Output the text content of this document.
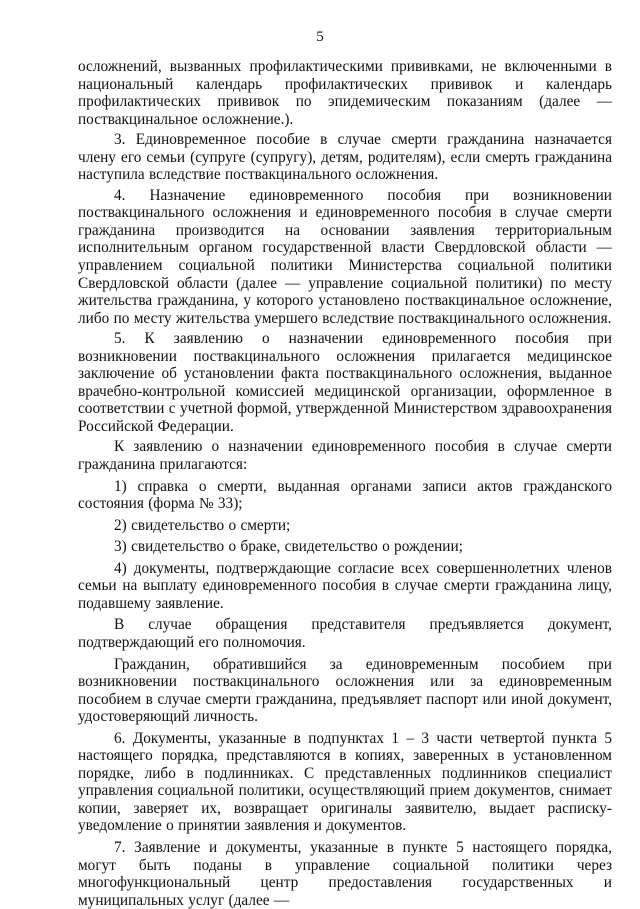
5

осложнений, вызванных профилактическими прививками, не включенными в национальный календарь профилактических прививок и календарь профилактических прививок по эпидемическим показаниям (далее — поствакцинальное осложнение.).

3. Единовременное пособие в случае смерти гражданина назначается члену его семьи (супруге (супругу), детям, родителям), если смерть гражданина наступила вследствие поствакцинального осложнения.

4. Назначение единовременного пособия при возникновении поствакцинального осложнения и единовременного пособия в случае смерти гражданина производится на основании заявления территориальным исполнительным органом государственной власти Свердловской области — управлением социальной политики Министерства социальной политики Свердловской области (далее — управление социальной политики) по месту жительства гражданина, у которого установлено поствакцинальное осложнение, либо по месту жительства умершего вследствие поствакцинального осложнения.

5. К заявлению о назначении единовременного пособия при возникновении поствакцинального осложнения прилагается медицинское заключение об установлении факта поствакцинального осложнения, выданное врачебно-контрольной комиссией медицинской организации, оформленное в соответствии с учетной формой, утвержденной Министерством здравоохранения Российской Федерации.

К заявлению о назначении единовременного пособия в случае смерти гражданина прилагаются:

1) справка о смерти, выданная органами записи актов гражданского состояния (форма № 33);

2) свидетельство о смерти;

3) свидетельство о браке, свидетельство о рождении;

4) документы, подтверждающие согласие всех совершеннолетних членов семьи на выплату единовременного пособия в случае смерти гражданина лицу, подавшему заявление.

В случае обращения представителя предъявляется документ, подтверждающий его полномочия.

Гражданин, обратившийся за единовременным пособием при возникновении поствакцинального осложнения или за единовременным пособием в случае смерти гражданина, предъявляет паспорт или иной документ, удостоверяющий личность.

6. Документы, указанные в подпунктах 1 – 3 части четвертой пункта 5 настоящего порядка, представляются в копиях, заверенных в установленном порядке, либо в подлинниках. С представленных подлинников специалист управления социальной политики, осуществляющий прием документов, снимает копии, заверяет их, возвращает оригиналы заявителю, выдает расписку-уведомление о принятии заявления и документов.

7. Заявление и документы, указанные в пункте 5 настоящего порядка, могут быть поданы в управление социальной политики через многофункциональный центр предоставления государственных и муниципальных услуг (далее —
